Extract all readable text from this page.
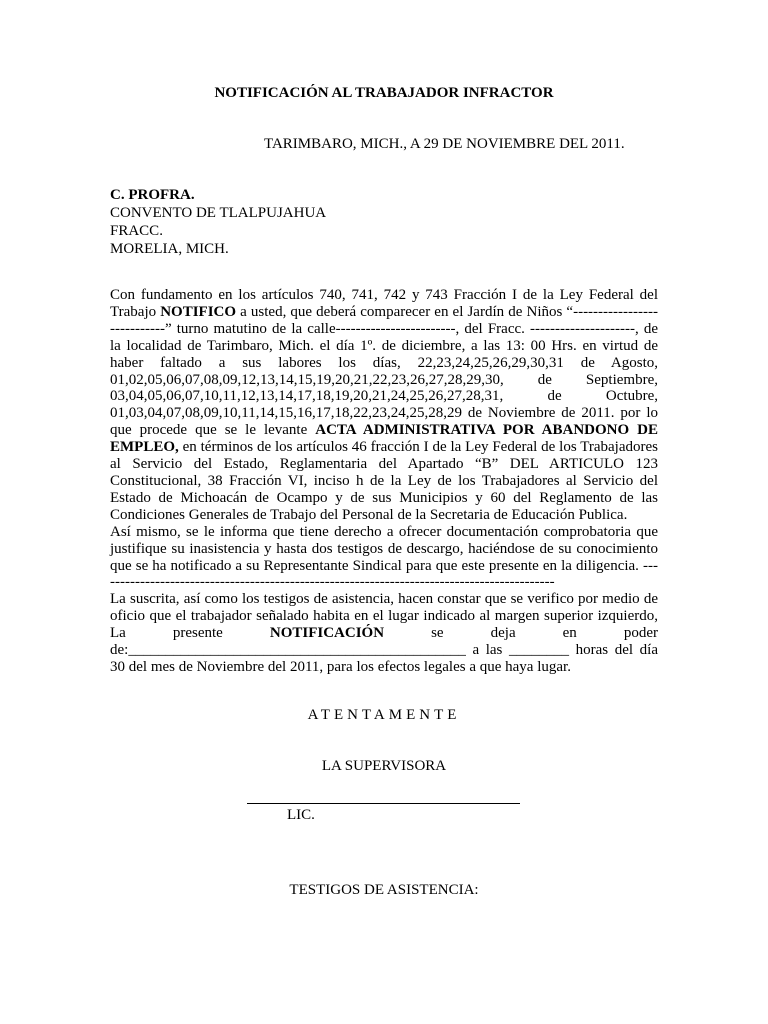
NOTIFICACIÓN AL TRABAJADOR INFRACTOR
TARIMBARO, MICH., A 29 DE NOVIEMBRE DEL 2011.
C. PROFRA.
CONVENTO DE TLALPUJAHUA
FRACC.
MORELIA, MICH.

Con fundamento en los artículos 740, 741, 742 y 743 Fracción I de la Ley Federal del Trabajo NOTIFICO a usted, que deberá comparecer en el Jardín de Niños “----------------------------” turno matutino de la calle------------------------, del Fracc. ---------------------, de la localidad de Tarimbaro, Mich. el día 1º. de diciembre, a las 13: 00 Hrs. en virtud de haber faltado a sus labores los días, 22,23,24,25,26,29,30,31 de Agosto, 01,02,05,06,07,08,09,12,13,14,15,19,20,21,22,23,26,27,28,29,30, de Septiembre, 03,04,05,06,07,10,11,12,13,14,17,18,19,20,21,24,25,26,27,28,31, de Octubre, 01,03,04,07,08,09,10,11,14,15,16,17,18,22,23,24,25,28,29 de Noviembre de 2011. por lo que procede que se le levante ACTA ADMINISTRATIVA POR ABANDONO DE EMPLEO, en términos de los artículos 46 fracción I de la Ley Federal de los Trabajadores al Servicio del Estado, Reglamentaria del Apartado “B” DEL ARTICULO 123 Constitucional, 38 Fracción VI, inciso h de la Ley de los Trabajadores al Servicio del Estado de Michoacán de Ocampo y de sus Municipios y 60 del Reglamento de las Condiciones Generales de Trabajo del Personal de la Secretaria de Educación Publica.

Así mismo, se le informa que tiene derecho a ofrecer documentación comprobatoria que justifique su inasistencia y hasta dos testigos de descargo, haciéndose de su conocimiento que se ha notificado a su Representante Sindical para que este presente en la diligencia. --------------------------------------------------------------------------------------------

La suscrita, así como los testigos de asistencia, hacen constar que se verifico por medio de oficio que el trabajador señalado habita en el lugar indicado al margen superior izquierdo, La presente NOTIFICACIÓN se deja en poder de:_____________________________________________ a las ________ horas del día 30 del mes de Noviembre del 2011, para los efectos legales a que haya lugar.

ATENTAMENTE
LA SUPERVISORA
LIC.
TESTIGOS DE ASISTENCIA:
